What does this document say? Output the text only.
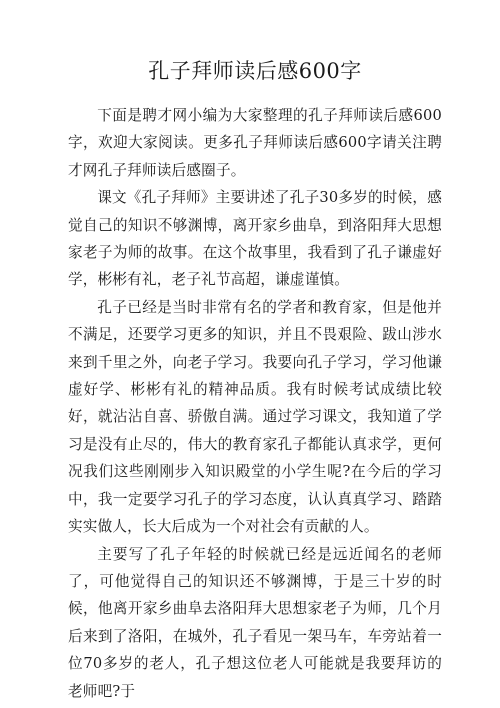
孔子拜师读后感600字

下面是聘才网小编为大家整理的孔子拜师读后感600字，欢迎大家阅读。更多孔子拜师读后感600字请关注聘才网孔子拜师读后感圈子。

课文《孔子拜师》主要讲述了孔子30多岁的时候，感觉自己的知识不够渊博，离开家乡曲阜，到洛阳拜大思想家老子为师的故事。在这个故事里，我看到了孔子谦虚好学，彬彬有礼，老子礼节高超，谦虚谨慎。

孔子已经是当时非常有名的学者和教育家，但是他并不满足，还要学习更多的知识，并且不畏艰险、跋山涉水来到千里之外，向老子学习。我要向孔子学习，学习他谦虚好学、彬彬有礼的精神品质。我有时候考试成绩比较好，就沾沾自喜、骄傲自满。通过学习课文，我知道了学习是没有止尽的，伟大的教育家孔子都能认真求学，更何况我们这些刚刚步入知识殿堂的小学生呢?在今后的学习中，我一定要学习孔子的学习态度，认认真真学习、踏踏实实做人，长大后成为一个对社会有贡献的人。

主要写了孔子年轻的时候就已经是远近闻名的老师了，可他觉得自己的知识还不够渊博，于是三十岁的时候，他离开家乡曲阜去洛阳拜大思想家老子为师，几个月后来到了洛阳，在城外，孔子看见一架马车，车旁站着一位70多岁的老人，孔子想这位老人可能就是我要拜访的老师吧?于
